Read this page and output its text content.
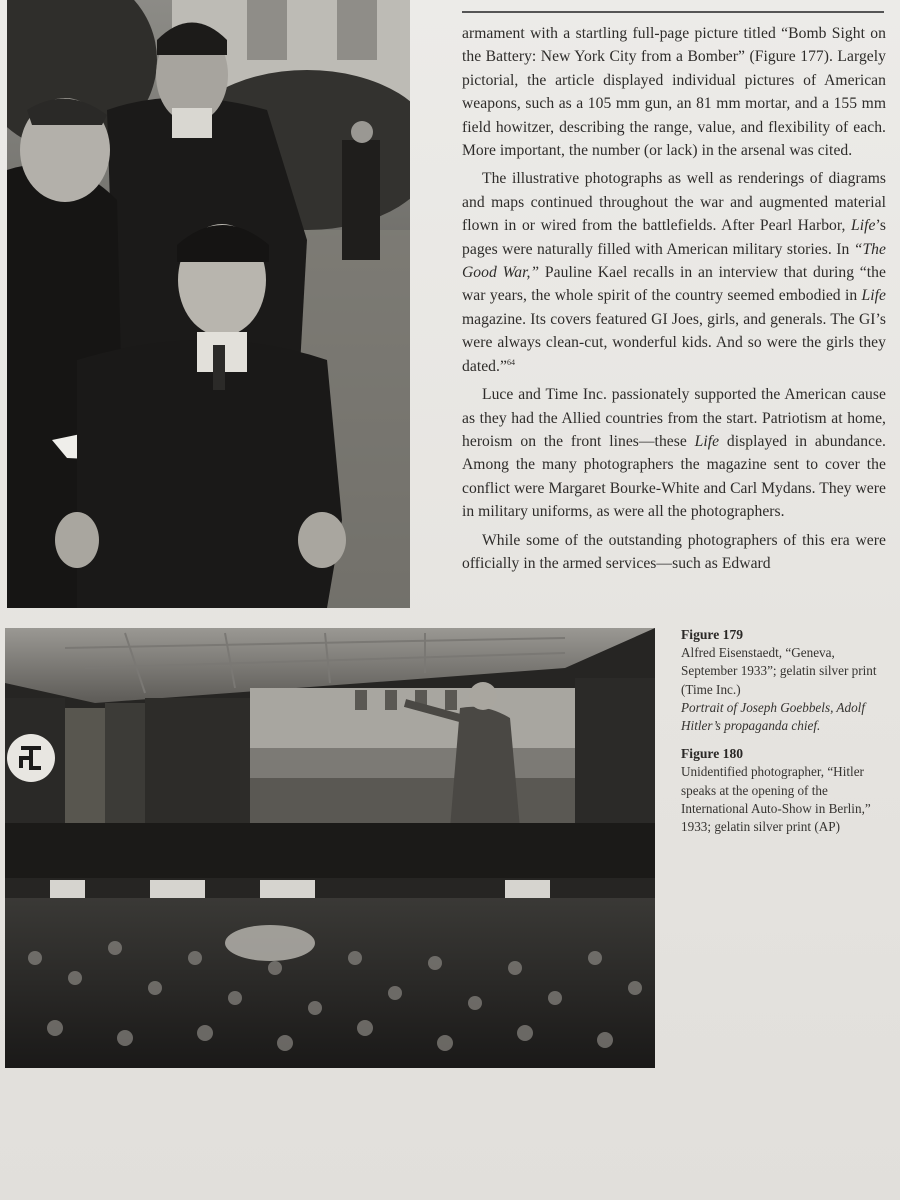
armament with a startling full-page picture titled “Bomb Sight on the Battery: New York City from a Bomber” (Figure 177). Largely pictorial, the article displayed individual pictures of American weapons, such as a 105 mm gun, an 81 mm mortar, and a 155 mm field howitzer, describing the range, value, and flexibility of each. More important, the number (or lack) in the arsenal was cited.

The illustrative photographs as well as renderings of diagrams and maps continued throughout the war and augmented material flown in or wired from the battlefields. After Pearl Harbor, Life’s pages were naturally filled with American military stories. In “The Good War,” Pauline Kael recalls in an interview that during “the war years, the whole spirit of the country seemed embodied in Life magazine. Its covers featured GI Joes, girls, and generals. The GI’s were always clean-cut, wonderful kids. And so were the girls they dated.”$^{64}$

Luce and Time Inc. passionately supported the American cause as they had the Allied countries from the start. Patriotism at home, heroism on the front lines—these Life displayed in abundance. Among the many photographers the magazine sent to cover the conflict were Margaret Bourke-White and Carl Mydans. They were in military uniforms, as were all the photographers.

While some of the outstanding photographers of this era were officially in the armed services—such as Edward

Figure 179
Alfred Eisenstaedt, “Geneva, September 1933”; gelatin silver print (Time Inc.)
Portrait of Joseph Goebbels, Adolf Hitler’s propaganda chief.
Figure 180
Unidentified photographer, “Hitler speaks at the opening of the International Auto-Show in Berlin,” 1933; gelatin silver print (AP)
